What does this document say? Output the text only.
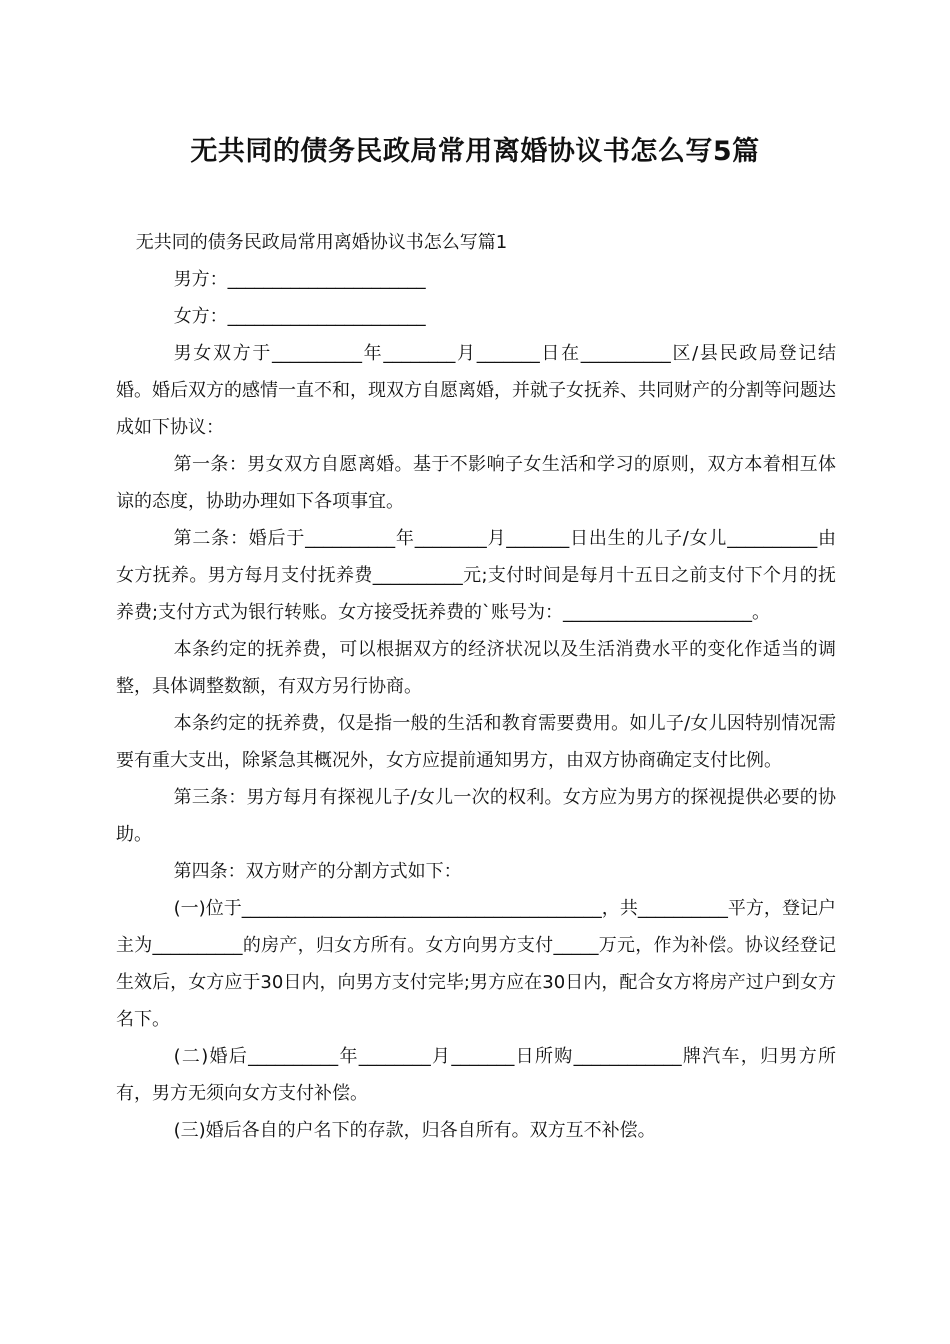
无共同的债务民政局常用离婚协议书怎么写5篇

无共同的债务民政局常用离婚协议书怎么写篇1

男方：______________________

女方：______________________

男女双方于__________年________月_______日在__________区/县民政局登记结婚。婚后双方的感情一直不和，现双方自愿离婚，并就子女抚养、共同财产的分割等问题达成如下协议：

第一条：男女双方自愿离婚。基于不影响子女生活和学习的原则，双方本着相互体谅的态度，协助办理如下各项事宜。

第二条：婚后于__________年________月_______日出生的儿子/女儿__________由女方抚养。男方每月支付抚养费__________元;支付时间是每月十五日之前支付下个月的抚养费;支付方式为银行转账。女方接受抚养费的`账号为：_____________________。

本条约定的抚养费，可以根据双方的经济状况以及生活消费水平的变化作适当的调整，具体调整数额，有双方另行协商。

本条约定的抚养费，仅是指一般的生活和教育需要费用。如儿子/女儿因特别情况需要有重大支出，除紧急其概况外，女方应提前通知男方，由双方协商确定支付比例。

第三条：男方每月有探视儿子/女儿一次的权利。女方应为男方的探视提供必要的协助。

第四条：双方财产的分割方式如下：

(一)位于________________________________________，共__________平方，登记户主为__________的房产，归女方所有。女方向男方支付_____万元，作为补偿。协议经登记生效后，女方应于30日内，向男方支付完毕;男方应在30日内，配合女方将房产过户到女方名下。

(二)婚后__________年________月_______日所购____________牌汽车，归男方所有，男方无须向女方支付补偿。

(三)婚后各自的户名下的存款，归各自所有。双方互不补偿。
